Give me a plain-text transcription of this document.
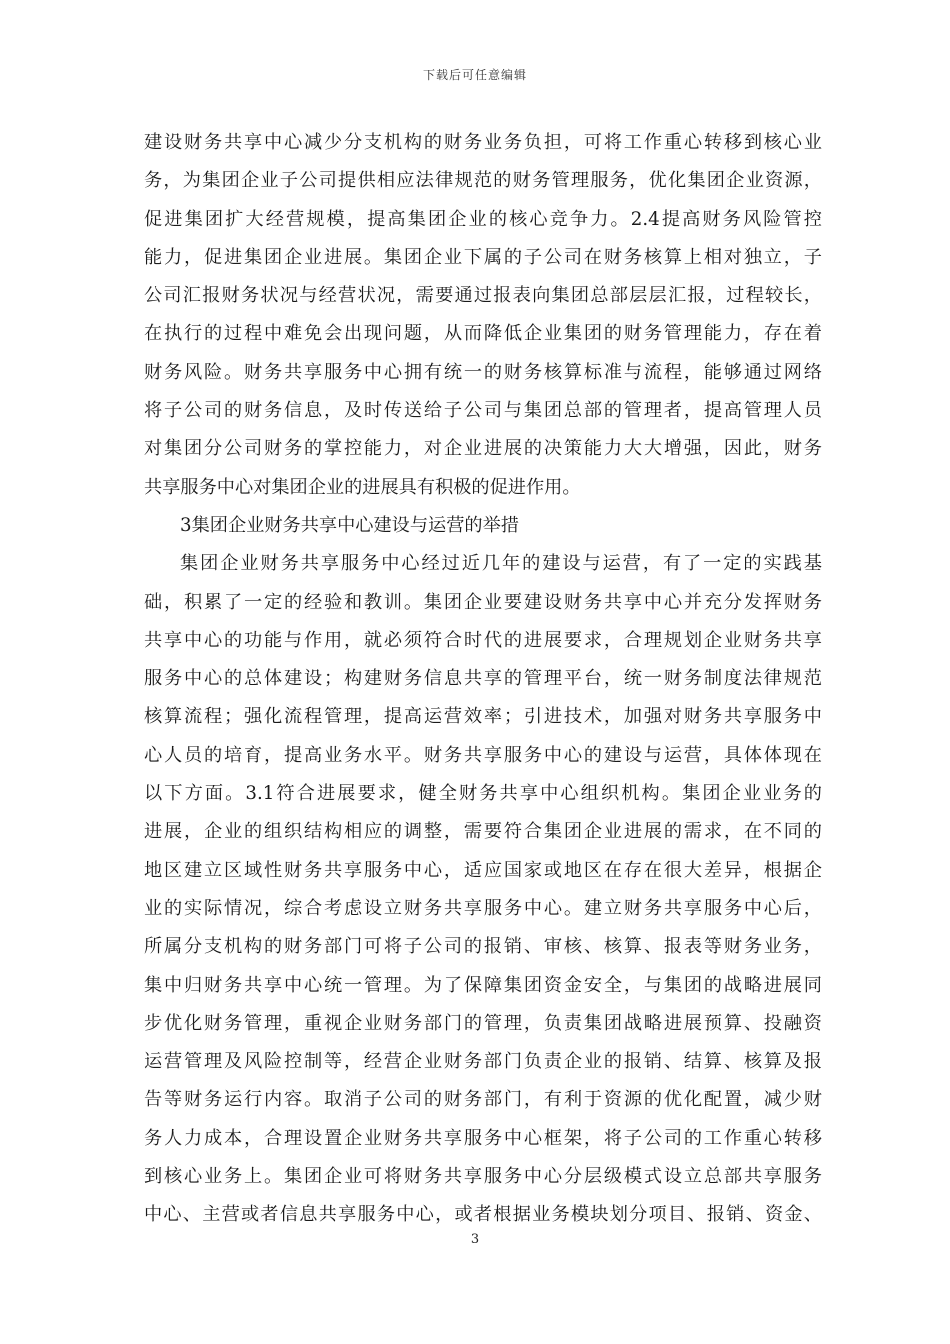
下载后可任意编辑
建设财务共享中心减少分支机构的财务业务负担，可将工作重心转移到核心业
务，为集团企业子公司提供相应法律规范的财务管理服务，优化集团企业资源，
促进集团扩大经营规模，提高集团企业的核心竞争力。2.4提高财务风险管控
能力，促进集团企业进展。集团企业下属的子公司在财务核算上相对独立，子
公司汇报财务状况与经营状况，需要通过报表向集团总部层层汇报，过程较长，
在执行的过程中难免会出现问题，从而降低企业集团的财务管理能力，存在着
财务风险。财务共享服务中心拥有统一的财务核算标准与流程，能够通过网络
将子公司的财务信息，及时传送给子公司与集团总部的管理者，提高管理人员
对集团分公司财务的掌控能力，对企业进展的决策能力大大增强，因此，财务
共享服务中心对集团企业的进展具有积极的促进作用。
3集团企业财务共享中心建设与运营的举措
集团企业财务共享服务中心经过近几年的建设与运营，有了一定的实践基
础，积累了一定的经验和教训。集团企业要建设财务共享中心并充分发挥财务
共享中心的功能与作用，就必须符合时代的进展要求，合理规划企业财务共享
服务中心的总体建设；构建财务信息共享的管理平台，统一财务制度法律规范
核算流程；强化流程管理，提高运营效率；引进技术，加强对财务共享服务中
心人员的培育，提高业务水平。财务共享服务中心的建设与运营，具体体现在
以下方面。3.1符合进展要求，健全财务共享中心组织机构。集团企业业务的
进展，企业的组织结构相应的调整，需要符合集团企业进展的需求，在不同的
地区建立区域性财务共享服务中心，适应国家或地区在存在很大差异，根据企
业的实际情况，综合考虑设立财务共享服务中心。建立财务共享服务中心后，
所属分支机构的财务部门可将子公司的报销、审核、核算、报表等财务业务，
集中归财务共享中心统一管理。为了保障集团资金安全，与集团的战略进展同
步优化财务管理，重视企业财务部门的管理，负责集团战略进展预算、投融资
运营管理及风险控制等，经营企业财务部门负责企业的报销、结算、核算及报
告等财务运行内容。取消子公司的财务部门，有利于资源的优化配置，减少财
务人力成本，合理设置企业财务共享服务中心框架，将子公司的工作重心转移
到核心业务上。集团企业可将财务共享服务中心分层级模式设立总部共享服务
中心、主营或者信息共享服务中心，或者根据业务模块划分项目、报销、资金、
3
